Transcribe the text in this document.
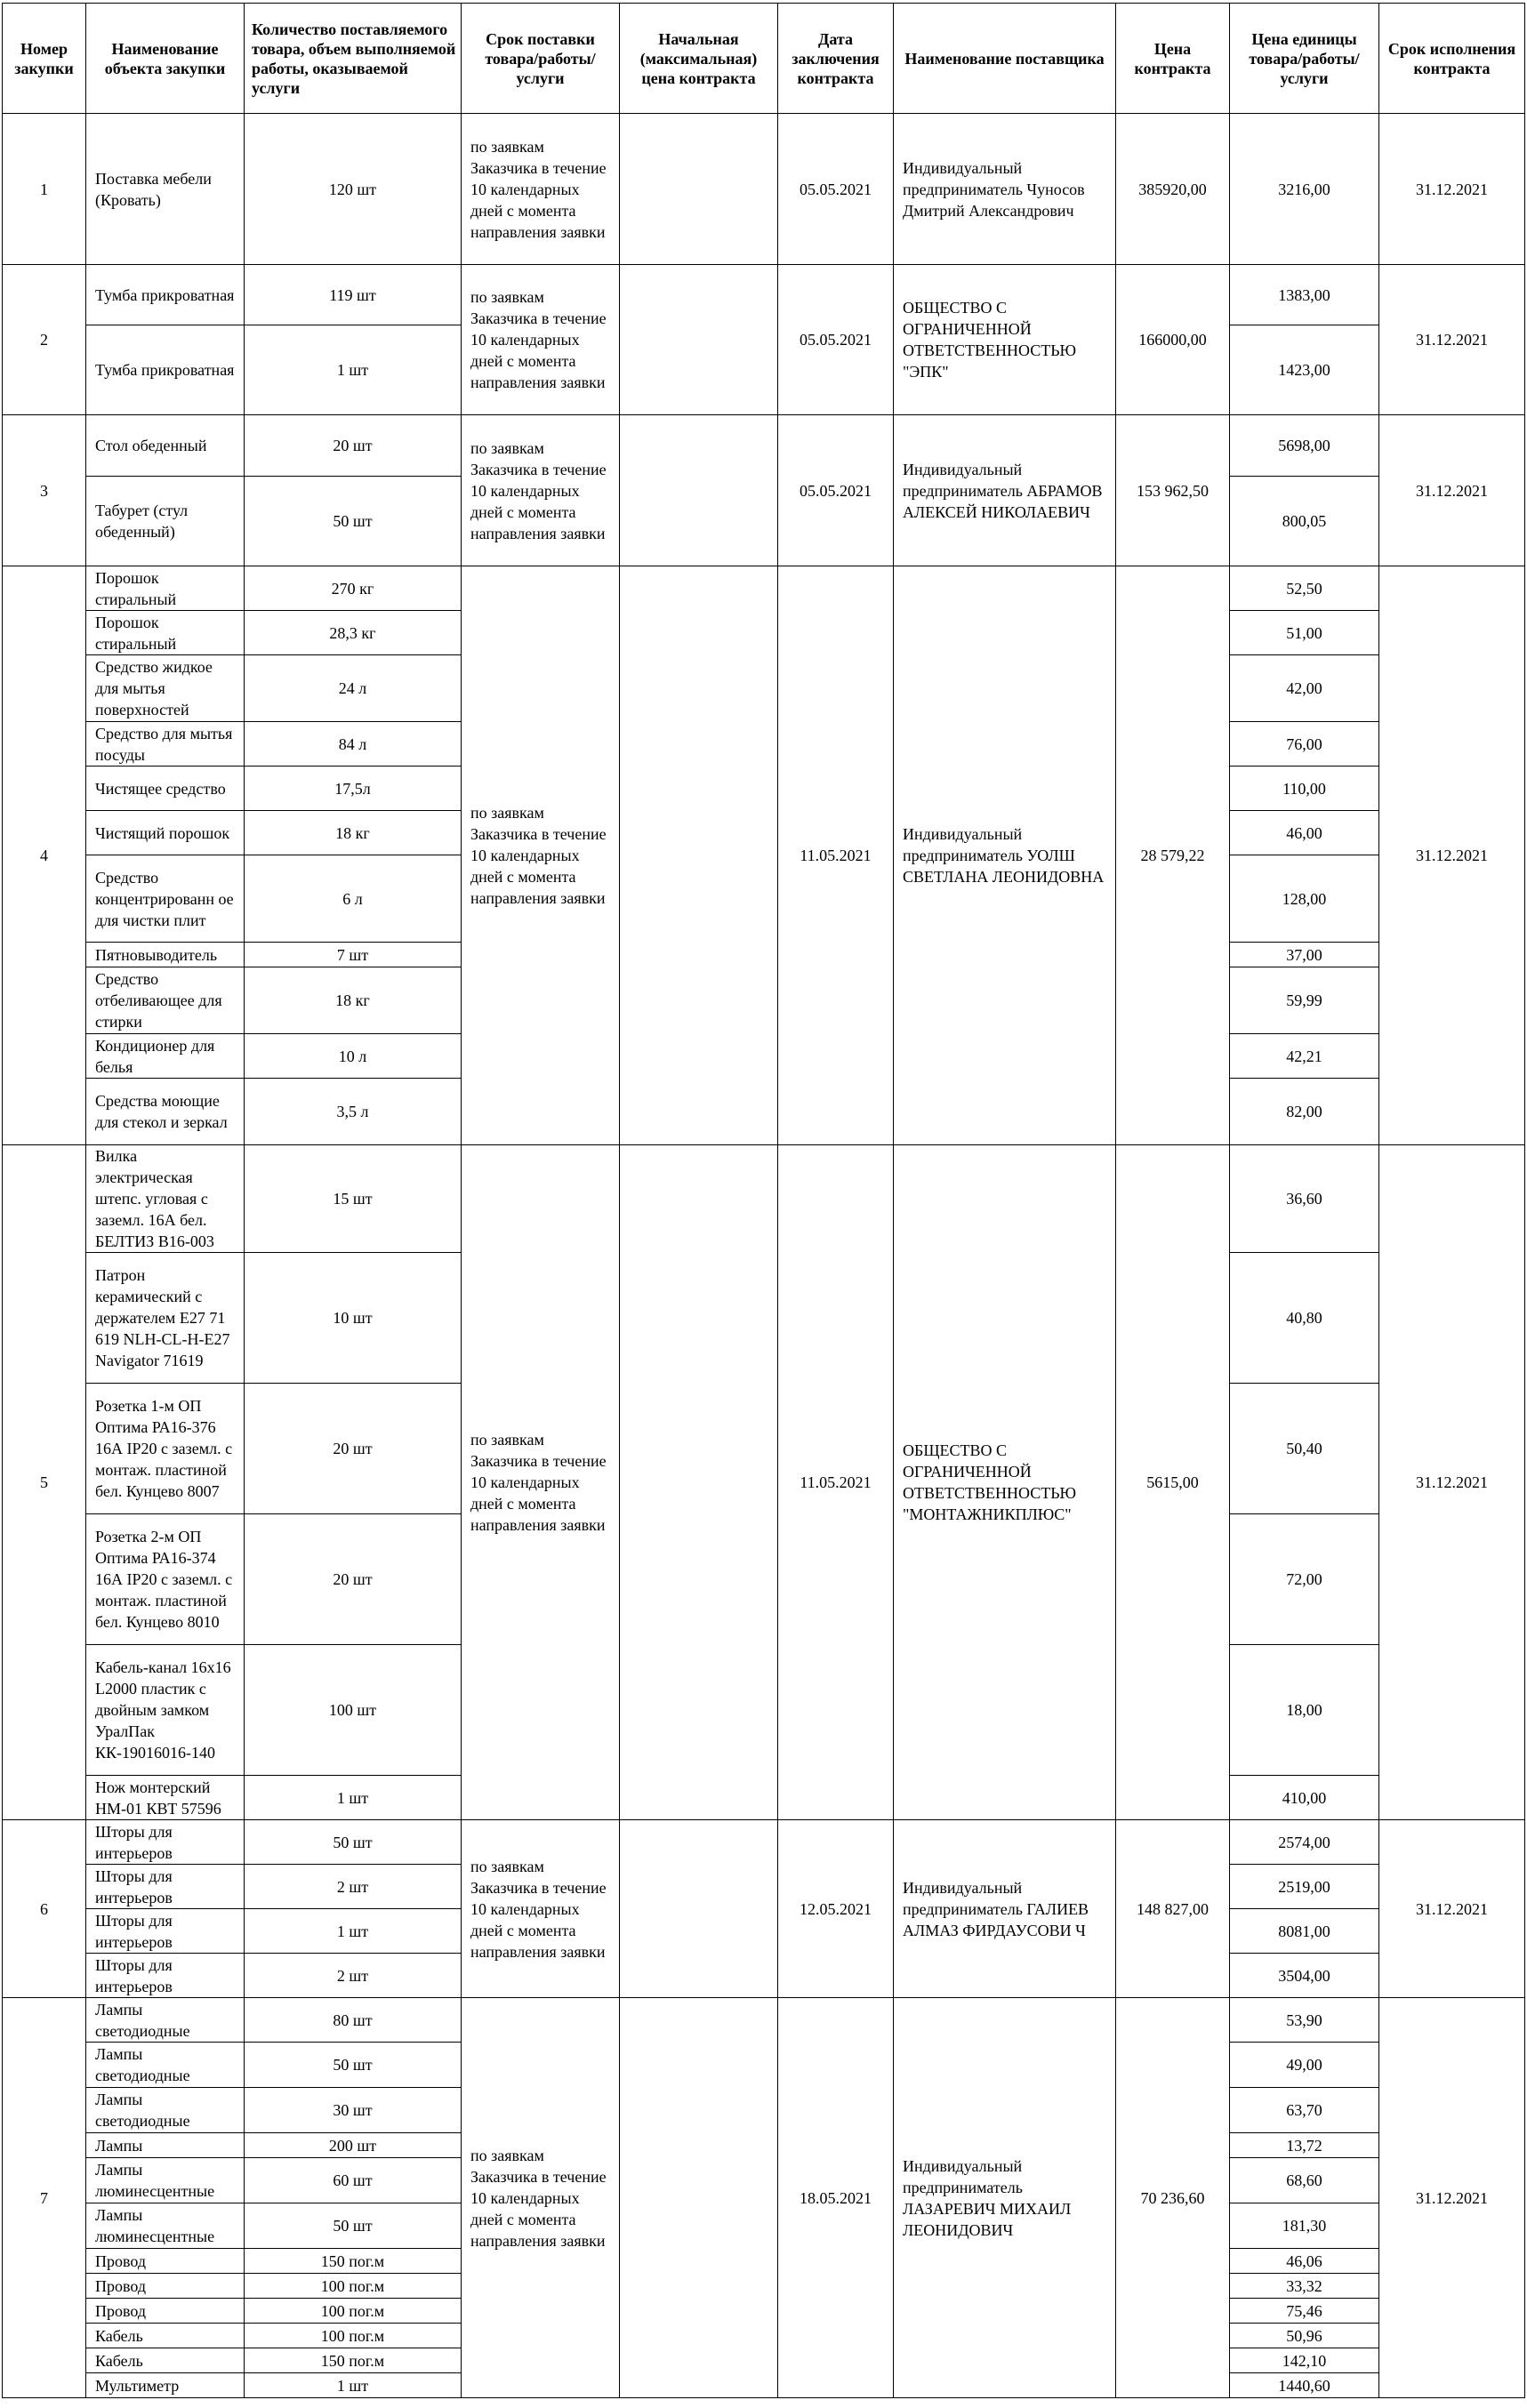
Номер закупки	Наименование объекта закупки	Количество поставляемого товара, объем выполняемой работы, оказываемой услуги	Срок поставки товара/работы/ услуги	Начальная (максимальная) цена контракта	Дата заключения контракта	Наименование поставщика	Цена контракта	Цена единицы товара/работы/ услуги	Срок исполнения контракта
1	Поставка мебели (Кровать)	120 шт	по заявкам Заказчика в течение 10 календарных дней с момента направления заявки		05.05.2021	Индивидуальный предприниматель Чуносов Дмитрий Александрович	385920,00	3216,00	31.12.2021
2	Тумба прикроватная	119 шт	по заявкам Заказчика в течение 10 календарных дней с момента направления заявки		05.05.2021	ОБЩЕСТВО С ОГРАНИЧЕННОЙ ОТВЕТСТВЕННОСТЬЮ "ЭПК"	166000,00	1383,00	31.12.2021
	Тумба прикроватная	1 шт						1423,00	
3	Стол обеденный	20 шт	по заявкам Заказчика в течение 10 календарных дней с момента направления заявки		05.05.2021	Индивидуальный предприниматель АБРАМОВ АЛЕКСЕЙ НИКОЛАЕВИЧ	153 962,50	5698,00	31.12.2021
	Табурет (стул обеденный)	50 шт						800,05	
4	Порошок стиральный	270 кг	по заявкам Заказчика в течение 10 календарных дней с момента направления заявки		11.05.2021	Индивидуальный предприниматель УОЛШ СВЕТЛАНА ЛЕОНИДОВНА	28 579,22	52,50	31.12.2021
	Порошок стиральный	28,3 кг						51,00	
	Средство жидкое для мытья поверхностей	24 л						42,00	
	Средство для мытья посуды	84 л						76,00	
	Чистящее средство	17,5л						110,00	
	Чистящий порошок	18 кг						46,00	
	Средство концентрированн ое для чистки плит	6 л						128,00	
	Пятновыводитель	7 шт						37,00	
	Средство отбеливающее для стирки	18 кг						59,99	
	Кондиционер для белья	10 л						42,21	
	Средства моющие для стекол и зеркал	3,5 л						82,00	
5	Вилка электрическая штепс. угловая с заземл. 16А бел. БЕЛТИЗ В16-003	15 шт	по заявкам Заказчика в течение 10 календарных дней с момента направления заявки		11.05.2021	ОБЩЕСТВО С ОГРАНИЧЕННОЙ ОТВЕТСТВЕННОСТЬЮ "МОНТАЖНИКПЛЮС"	5615,00	36,60	31.12.2021
	Патрон керамический с держателем Е27 71 619 NLH-CL-H-E27 Navigator 71619	10 шт						40,80	
	Розетка 1-м ОП Оптима РА16-376 16А IP20 с заземл. с монтаж. пластиной бел. Кунцево 8007	20 шт						50,40	
	Розетка 2-м ОП Оптима РА16-374 16А IP20 с заземл. с монтаж. пластиной бел. Кунцево 8010	20 шт						72,00	
	Кабель-канал 16х16 L2000 пластик с двойным замком УралПак КК-19016016-140	100 шт						18,00	
	Нож монтерский НМ-01 КВТ 57596	1 шт						410,00	
6	Шторы для интерьеров	50 шт	по заявкам Заказчика в течение 10 календарных дней с момента направления заявки		12.05.2021	Индивидуальный предприниматель ГАЛИЕВ АЛМАЗ ФИРДАУСОВИ Ч	148 827,00	2574,00	31.12.2021
	Шторы для интерьеров	2 шт						2519,00	
	Шторы для интерьеров	1 шт						8081,00	
	Шторы для интерьеров	2 шт						3504,00	
7	Лампы светодиодные	80 шт	по заявкам Заказчика в течение 10 календарных дней с момента направления заявки		18.05.2021	Индивидуальный предприниматель ЛАЗАРЕВИЧ МИХАИЛ ЛЕОНИДОВИЧ	70 236,60	53,90	31.12.2021
	Лампы светодиодные	50 шт						49,00	
	Лампы светодиодные	30 шт						63,70	
	Лампы	200 шт						13,72	
	Лампы люминесцентные	60 шт						68,60	
	Лампы люминесцентные	50 шт						181,30	
	Провод	150 пог.м						46,06	
	Провод	100 пог.м						33,32	
	Провод	100 пог.м						75,46	
	Кабель	100 пог.м						50,96	
	Кабель	150 пог.м						142,10	
	Мультиметр	1 шт						1440,60	
